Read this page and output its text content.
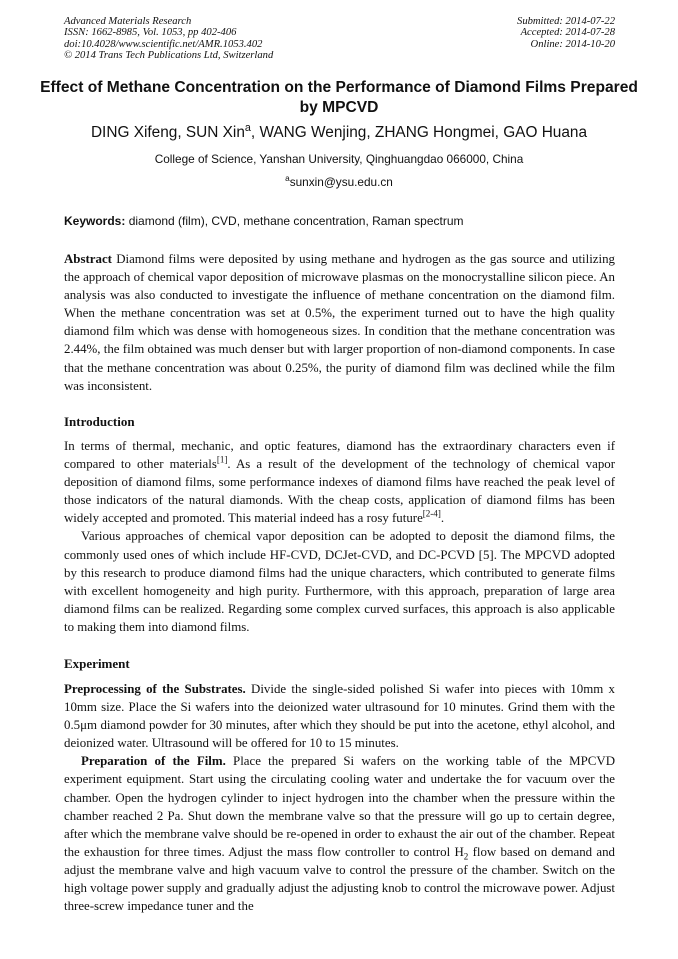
Advanced Materials Research
ISSN: 1662-8985, Vol. 1053, pp 402-406
doi:10.4028/www.scientific.net/AMR.1053.402
© 2014 Trans Tech Publications Ltd, Switzerland
Submitted: 2014-07-22
Accepted: 2014-07-28
Online: 2014-10-20
Effect of Methane Concentration on the Performance of Diamond Films Prepared by MPCVD
DING Xifeng, SUN Xin$^a$, WANG Wenjing, ZHANG Hongmei, GAO Huana
College of Science, Yanshan University, Qinghuangdao 066000, China
$^a$sunxin@ysu.edu.cn
Keywords: diamond (film), CVD, methane concentration, Raman spectrum

Abstract Diamond films were deposited by using methane and hydrogen as the gas source and utilizing the approach of chemical vapor deposition of microwave plasmas on the monocrystalline silicon piece. An analysis was also conducted to investigate the influence of methane concentration on the diamond film. When the methane concentration was set at 0.5%, the experiment turned out to have the high quality diamond film which was dense with homogeneous sizes. In condition that the methane concentration was 2.44%, the film obtained was much denser but with larger proportion of non-diamond components. In case that the methane concentration was about 0.25%, the purity of diamond film was declined while the film was inconsistent.

Introduction

In terms of thermal, mechanic, and optic features, diamond has the extraordinary characters even if compared to other materials[1]. As a result of the development of the technology of chemical vapor deposition of diamond films, some performance indexes of diamond films have reached the peak level of those indicators of the natural diamonds. With the cheap costs, application of diamond films has been widely accepted and promoted. This material indeed has a rosy future[2-4].

Various approaches of chemical vapor deposition can be adopted to deposit the diamond films, the commonly used ones of which include HF-CVD, DCJet-CVD, and DC-PCVD [5]. The MPCVD adopted by this research to produce diamond films had the unique characters, which contributed to generate films with excellent homogeneity and high purity. Furthermore, with this approach, preparation of large area diamond films can be realized. Regarding some complex curved surfaces, this approach is also applicable to making them into diamond films.

Experiment

Preprocessing of the Substrates. Divide the single-sided polished Si wafer into pieces with 10mm x 10mm size. Place the Si wafers into the deionized water ultrasound for 10 minutes. Grind them with the 0.5μm diamond powder for 30 minutes, after which they should be put into the acetone, ethyl alcohol, and deionized water. Ultrasound will be offered for 10 to 15 minutes.

Preparation of the Film. Place the prepared Si wafers on the working table of the MPCVD experiment equipment. Start using the circulating cooling water and undertake the for vacuum over the chamber. Open the hydrogen cylinder to inject hydrogen into the chamber when the pressure within the chamber reached 2 Pa. Shut down the membrane valve so that the pressure will go up to certain degree, after which the membrane valve should be re-opened in order to exhaust the air out of the chamber. Repeat the exhaustion for three times. Adjust the mass flow controller to control $H_2$ flow based on demand and adjust the membrane valve and high vacuum valve to control the pressure of the chamber. Switch on the high voltage power supply and gradually adjust the adjusting knob to control the microwave power. Adjust three-screw impedance tuner and the
